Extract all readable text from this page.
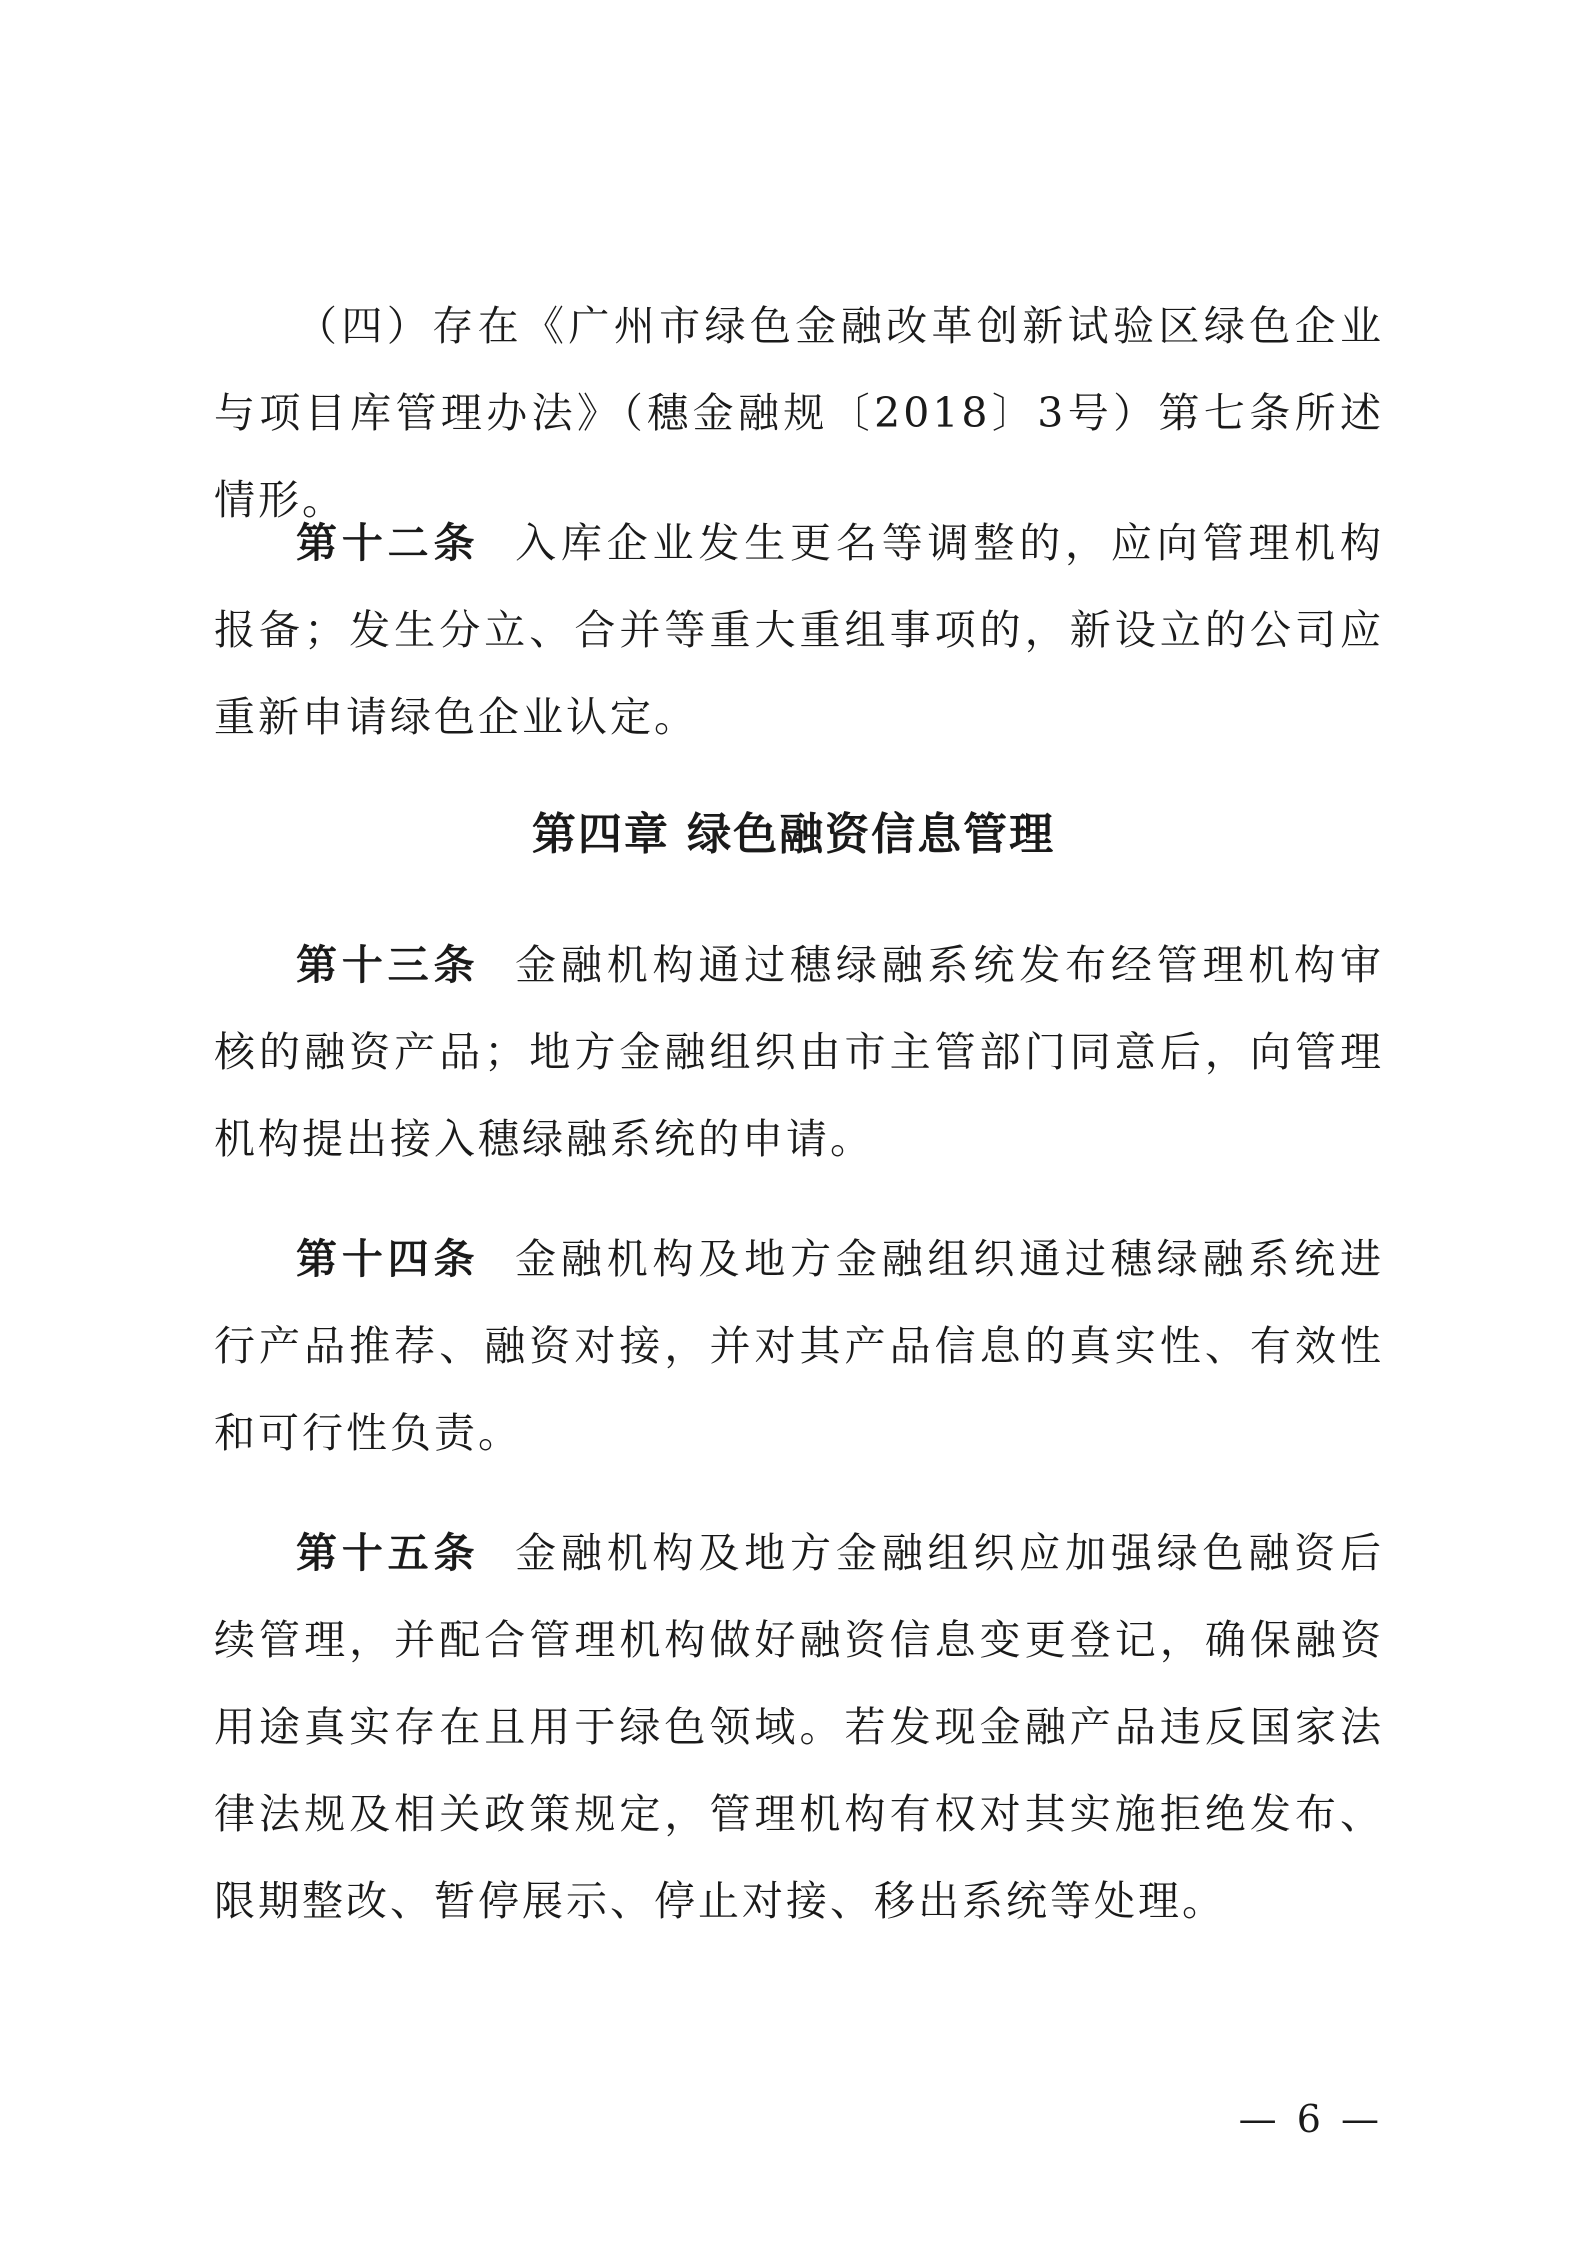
（四）存在《广州市绿色金融改革创新试验区绿色企业与项目库管理办法》（穗金融规〔2018〕3号）第七条所述情形。

第十二条 入库企业发生更名等调整的，应向管理机构报备；发生分立、合并等重大重组事项的，新设立的公司应重新申请绿色企业认定。

第四章 绿色融资信息管理

第十三条 金融机构通过穗绿融系统发布经管理机构审核的融资产品；地方金融组织由市主管部门同意后，向管理机构提出接入穗绿融系统的申请。

第十四条 金融机构及地方金融组织通过穗绿融系统进行产品推荐、融资对接，并对其产品信息的真实性、有效性和可行性负责。

第十五条 金融机构及地方金融组织应加强绿色融资后续管理，并配合管理机构做好融资信息变更登记，确保融资用途真实存在且用于绿色领域。若发现金融产品违反国家法律法规及相关政策规定，管理机构有权对其实施拒绝发布、限期整改、暂停展示、停止对接、移出系统等处理。

— 6 —
